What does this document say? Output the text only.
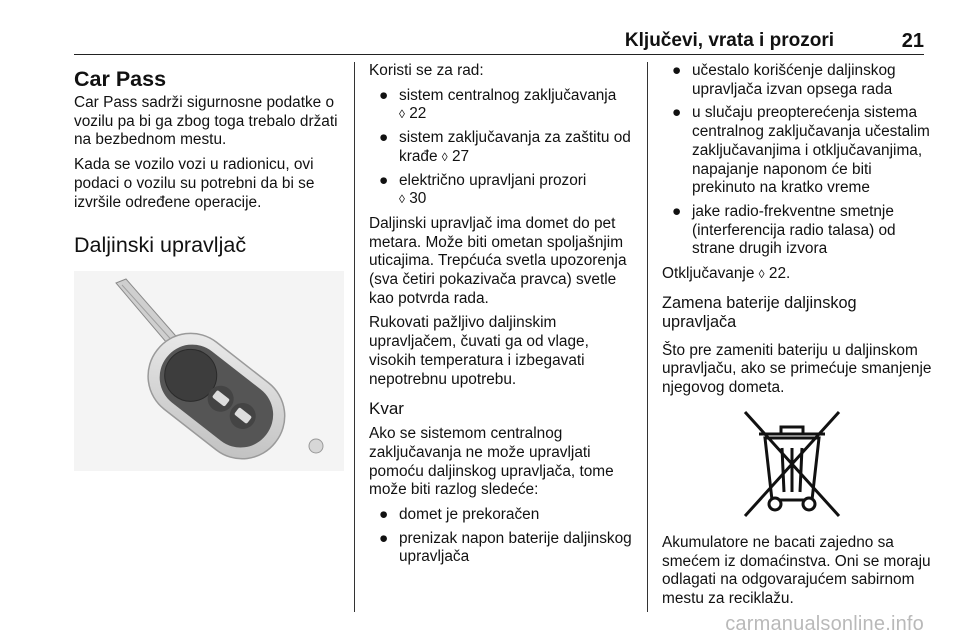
Ključevi, vrata i prozori	21
Car Pass

Car Pass sadrži sigurnosne podatke o vozilu pa bi ga zbog toga trebalo držati na bezbednom mestu.

Kada se vozilo vozi u radionicu, ovi podaci o vozilu su potrebni da bi se izvršile određene operacije.

Daljinski upravljač

Koristi se za rad:

● sistem centralnog zaključavanja
◊ 22
● sistem zaključavanja za zaštitu od krađe ◊ 27
● električno upravljani prozori
◊ 30

Daljinski upravljač ima domet do pet metara. Može biti ometan spoljašnjim uticajima. Trepćuća svetla upozorenja (sva četiri pokazivača pravca) svetle kao potvrda rada.

Rukovati pažljivo daljinskim upravljačem, čuvati ga od vlage, visokih temperatura i izbegavati nepotrebnu upotrebu.

Kvar

Ako se sistemom centralnog zaključavanja ne može upravljati pomoću daljinskog upravljača, tome može biti razlog sledeće:

● domet je prekoračen
● prenizak napon baterije daljinskog upravljača
● učestalo korišćenje daljinskog upravljača izvan opsega rada
● u slučaju preopterećenja sistema centralnog zaključavanja učestalim zaključavanjima i otključavanjima, napajanje naponom će biti prekinuto na kratko vreme
● jake radio-frekventne smetnje (interferencija radio talasa) od strane drugih izvora

Otključavanje ◊ 22.

Zamena baterije daljinskog upravljača

Što pre zameniti bateriju u daljinskom upravljaču, ako se primećuje smanjenje njegovog dometa.

Akumulatore ne bacati zajedno sa smećem iz domaćinstva. Oni se moraju odlagati na odgovarajućem sabirnom mestu za reciklažu.

carmanualsonline.info
